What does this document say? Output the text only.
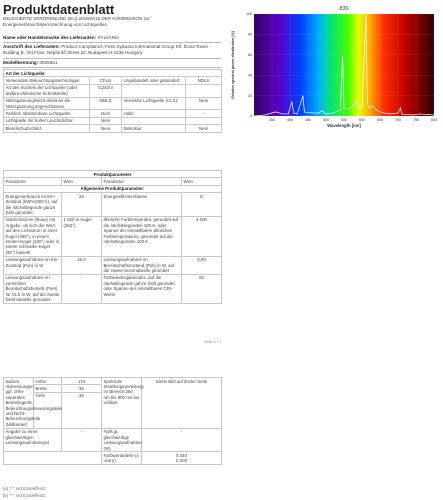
Produktdatenblatt
DELEGIERTE VERORDNUNG (EU) 2019/2015 DER KOMMISSION zur Energieverbrauchskennzeichnung von Lichtquellen
Name oder Handelsmarke des Lieferanten: SYLVANIA
Anschrift des Lieferanten: Product Compliance, Feilo Sylvania International Group Kft. Duna Tower - Building B, 3rd Floor, Népfürdő Street 22, Budapest H-1138 Hungary
Modellkennung: 0025551
Art der Lichtquelle:			
Verwendete Beleuchtungstechnologie:	CFLni	Ungebündelt oder gebündelt:	NDLS
Art des Sockels der Lichtquelle (oder andere elektrische Schnittstelle)	G24d-3		
Netzspannung/Nicht direkt an die Netzspannung angeschlossen:	NMLS	Vernetzte Lichtquelle (CLS):	Nein
Farblich abstimmbare Lichtquelle:	Nein	Hülle:	-
Lichtquelle mit hoher Leuchtdichte:	Nein		
Blendschutzschild:	Nein	Dimmbar:	Nein
Produktparameter			
Parameter	Wert	Parameter	Wert
Allgemeine Produktparameter:			
Energieverbrauch im Ein-Zustand (kWh/1000 h), auf die nächstliegende ganze Zahl gerundet	26	Energieeffizienzklasse	G
Nutzlichtstrom (Φuse) mit Angabe, ob sich der Wert auf den Lichtstrom in einer Kugel (360°), in einem breiten Kegel (120°) oder in einem schmalen Kegel (90°) bezieht	1 800 in Kugel (360°)	ähnliche Farbtemperatur, gerundet auf die nächstliegenden 100 K, oder Spanne der einstellbaren ähnlichen Farbtemperaturen, gerundet auf die nächstliegenden 100 K	3 000
Leistungsaufnahme im Ein-Zustand (Pon) in W	26,0	Leistungsaufnahme im Bereitschaftszustand (Psb) in W, auf die zweite Dezimalstelle gerundet	0,00
Leistungsaufnahme im vernetzten Bereitschaftsbetrieb (Pnet) für CLS in W, auf die zweite Dezimalstelle gerundet	-	Farbwiedergabeindex, auf die nächstliegende ganze Zahl gerundet, oder Spanne der einstellbaren CRI-Werte	82
Seite 1 / 1
äußere Abmessungen, ggf. ohne separates Betriebsgerät, Beleuchtungssteuerungsteile und Nicht-Beleuchtungsteile (Millimeter)	Höhe	174	Spektrale Strahlungsverteilung im Bereich 250 nm bis 800 nm bei Volllast	Siehe Bild auf letzter Seite
	Breite	35		
	Tiefe	35		
Angabe zu einer gleichwertigen Leistungsaufnahme(a)		-	Falls ja, gleichwertige Leistungsaufnahme (W)	-
			Farbwertanteile (x und y)	0,440
0,403
(a) "-": nicht zutreffend;
(b) "-": nicht zutreffend;
830
Wavelength [nm]
Relative spectral power distribution [%]
350	400	450	500	550	600	650	700	750	800
0
20
40
60
80
100
